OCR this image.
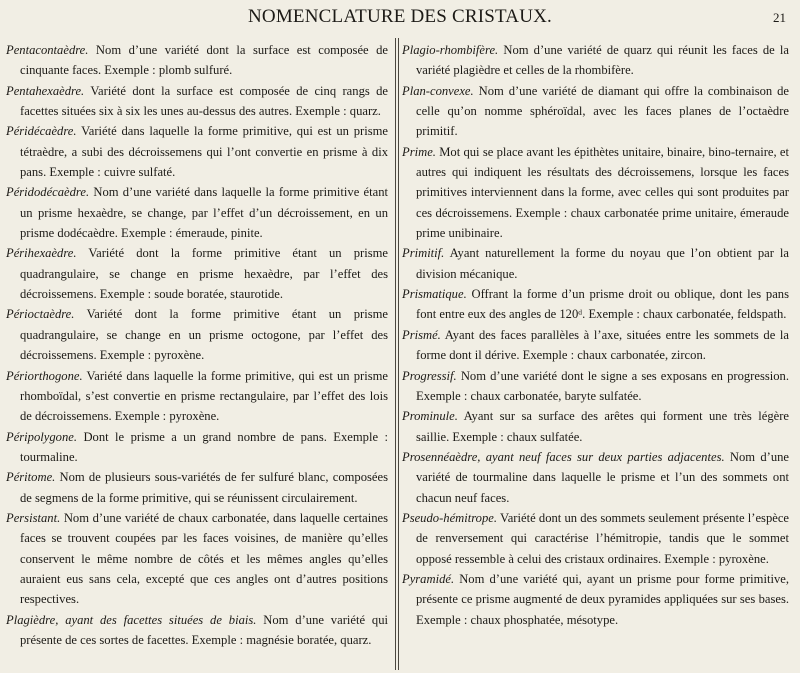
NOMENCLATURE DES CRISTAUX.	21

Pentacontaèdre. Nom d’une variété dont la surface est composée de cinquante faces. Exemple : plomb sulfuré.

Pentahexaèdre. Variété dont la surface est composée de cinq rangs de facettes situées six à six les unes au-dessus des autres. Exemple : quarz.

Péridécaèdre. Variété dans laquelle la forme primitive, qui est un prisme tétraèdre, a subi des décroissemens qui l’ont convertie en prisme à dix pans. Exemple : cuivre sulfaté.

Péridodécaèdre. Nom d’une variété dans laquelle la forme primitive étant un prisme hexaèdre, se change, par l’effet d’un décroissement, en un prisme dodécaèdre. Exemple : émeraude, pinite.

Périhexaèdre. Variété dont la forme primitive étant un prisme quadrangulaire, se change en prisme hexaèdre, par l’effet des décroissemens. Exemple : soude boratée, staurotide.

Périoctaèdre. Variété dont la forme primitive étant un prisme quadrangulaire, se change en un prisme octogone, par l’effet des décroissemens. Exemple : pyroxène.

Périorthogone. Variété dans laquelle la forme primitive, qui est un prisme rhomboïdal, s’est convertie en prisme rectangulaire, par l’effet des lois de décroissemens. Exemple : pyroxène.

Péripolygone. Dont le prisme a un grand nombre de pans. Exemple : tourmaline.

Péritome. Nom de plusieurs sous-variétés de fer sulfuré blanc, composées de segmens de la forme primitive, qui se réunissent circulairement.

Persistant. Nom d’une variété de chaux carbonatée, dans laquelle certaines faces se trouvent coupées par les faces voisines, de manière qu’elles conservent le même nombre de côtés et les mêmes angles qu’elles auraient eus sans cela, excepté que ces angles ont d’autres positions respectives.

Plagièdre, ayant des facettes situées de biais. Nom d’une variété qui présente de ces sortes de facettes. Exemple : magnésie boratée, quarz.

Plagio-rhombifère. Nom d’une variété de quarz qui réunit les faces de la variété plagièdre et celles de la rhombifère.

Plan-convexe. Nom d’une variété de diamant qui offre la combinaison de celle qu’on nomme sphéroïdal, avec les faces planes de l’octaèdre primitif.

Prime. Mot qui se place avant les épithètes unitaire, binaire, bino-ternaire, et autres qui indiquent les résultats des décroissemens, lorsque les faces primitives interviennent dans la forme, avec celles qui sont produites par ces décroissemens. Exemple : chaux carbonatée prime unitaire, émeraude prime unibinaire.

Primitif. Ayant naturellement la forme du noyau que l’on obtient par la division mécanique.

Prismatique. Offrant la forme d’un prisme droit ou oblique, dont les pans font entre eux des angles de 120ᵈ. Exemple : chaux carbonatée, feldspath.

Prismé. Ayant des faces parallèles à l’axe, situées entre les sommets de la forme dont il dérive. Exemple : chaux carbonatée, zircon.

Progressif. Nom d’une variété dont le signe a ses exposans en progression. Exemple : chaux carbonatée, baryte sulfatée.

Prominule. Ayant sur sa surface des arêtes qui forment une très légère saillie. Exemple : chaux sulfatée.

Prosennéaèdre, ayant neuf faces sur deux parties adjacentes. Nom d’une variété de tourmaline dans laquelle le prisme et l’un des sommets ont chacun neuf faces.

Pseudo-hémitrope. Variété dont un des sommets seulement présente l’espèce de renversement qui caractérise l’hémitropie, tandis que le sommet opposé ressemble à celui des cristaux ordinaires. Exemple : pyroxène.

Pyramidé. Nom d’une variété qui, ayant un prisme pour forme primitive, présente ce prisme augmenté de deux pyramides appliquées sur ses bases. Exemple : chaux phosphatée, mésotype.
